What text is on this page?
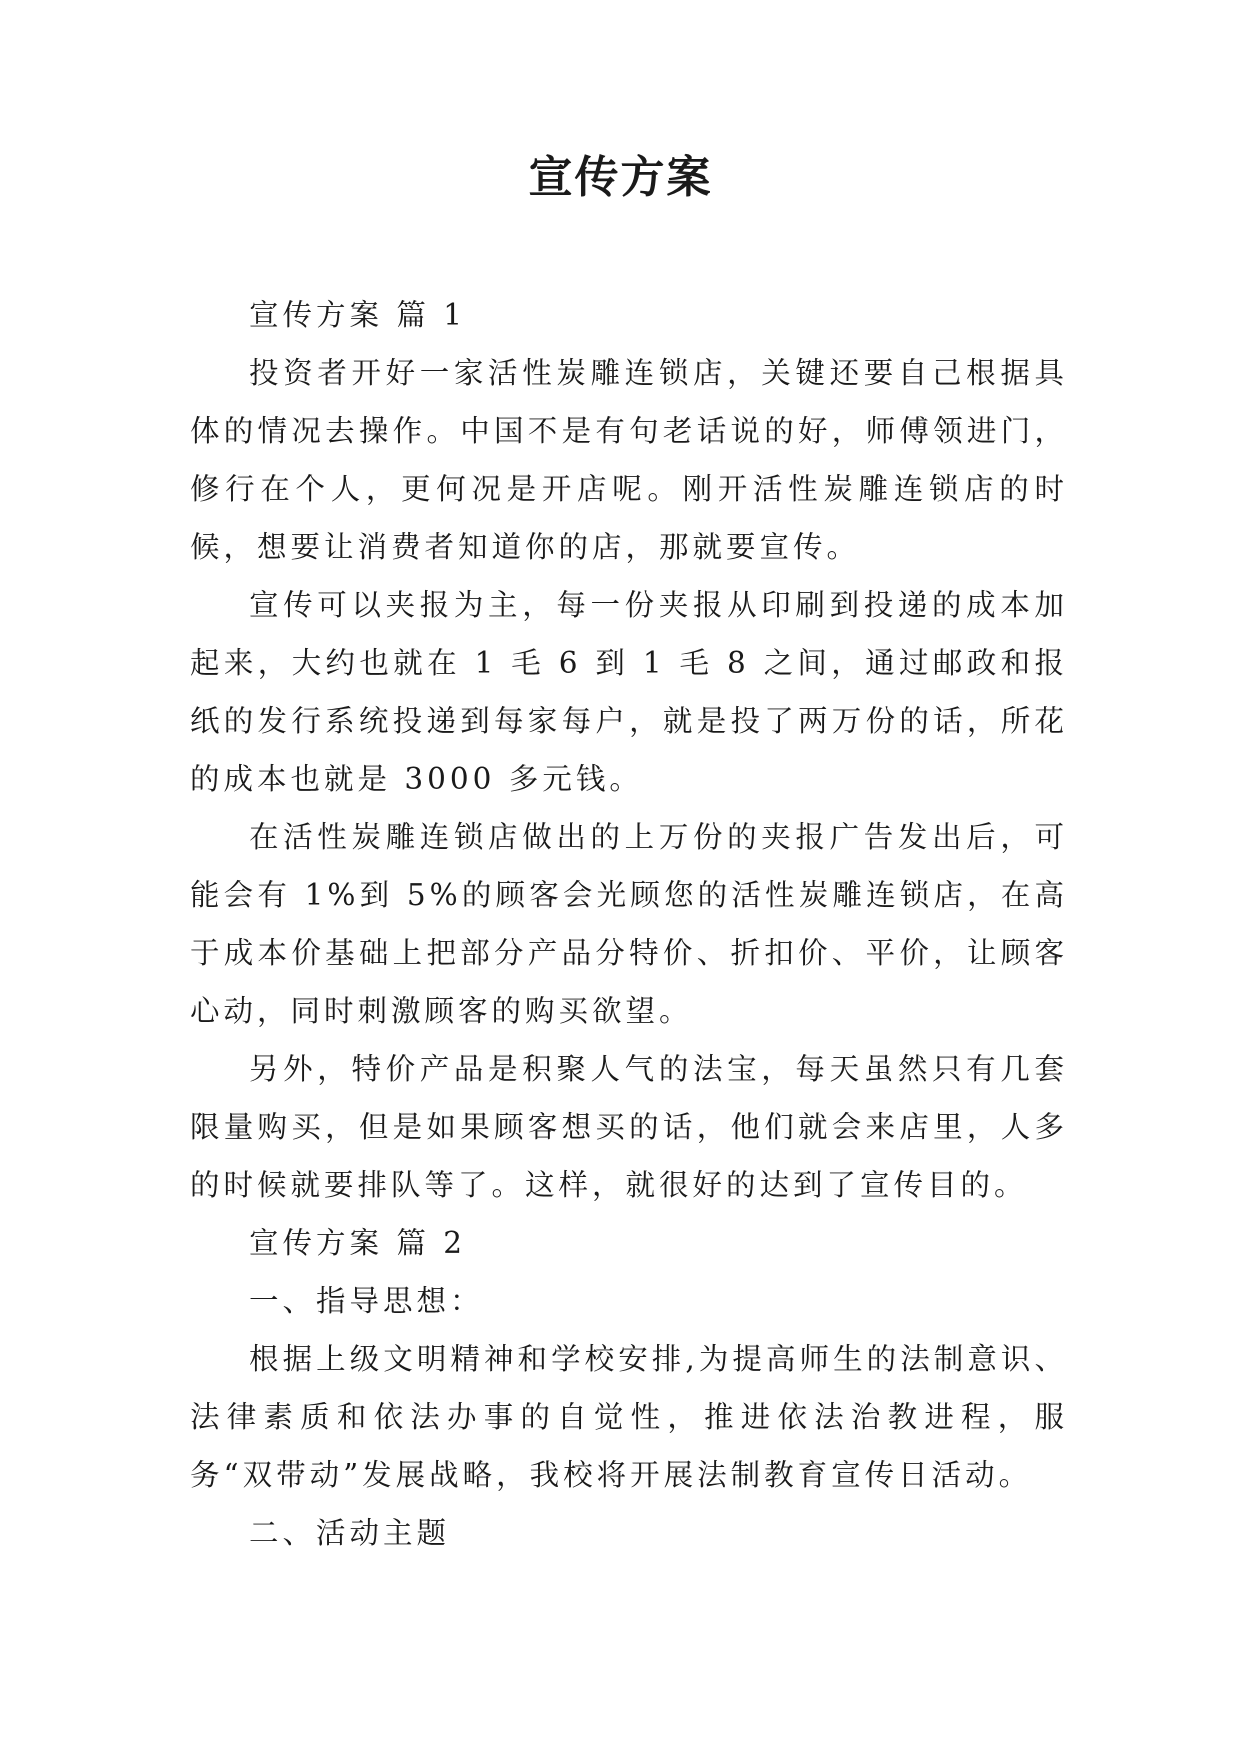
宣传方案

宣传方案 篇 1

投资者开好一家活性炭雕连锁店，关键还要自己根据具体的情况去操作。中国不是有句老话说的好，师傅领进门，修行在个人，更何况是开店呢。刚开活性炭雕连锁店的时候，想要让消费者知道你的店，那就要宣传。

宣传可以夹报为主，每一份夹报从印刷到投递的成本加起来，大约也就在 1 毛 6 到 1 毛 8 之间，通过邮政和报纸的发行系统投递到每家每户，就是投了两万份的话，所花的成本也就是 3000 多元钱。

在活性炭雕连锁店做出的上万份的夹报广告发出后，可能会有 1%到 5%的顾客会光顾您的活性炭雕连锁店，在高于成本价基础上把部分产品分特价、折扣价、平价，让顾客心动，同时刺激顾客的购买欲望。

另外，特价产品是积聚人气的法宝，每天虽然只有几套限量购买，但是如果顾客想买的话，他们就会来店里，人多的时候就要排队等了。这样，就很好的达到了宣传目的。

宣传方案 篇 2

一、指导思想：

根据上级文明精神和学校安排,为提高师生的法制意识、法律素质和依法办事的自觉性，推进依法治教进程，服务“双带动”发展战略，我校将开展法制教育宣传日活动。

二、活动主题
